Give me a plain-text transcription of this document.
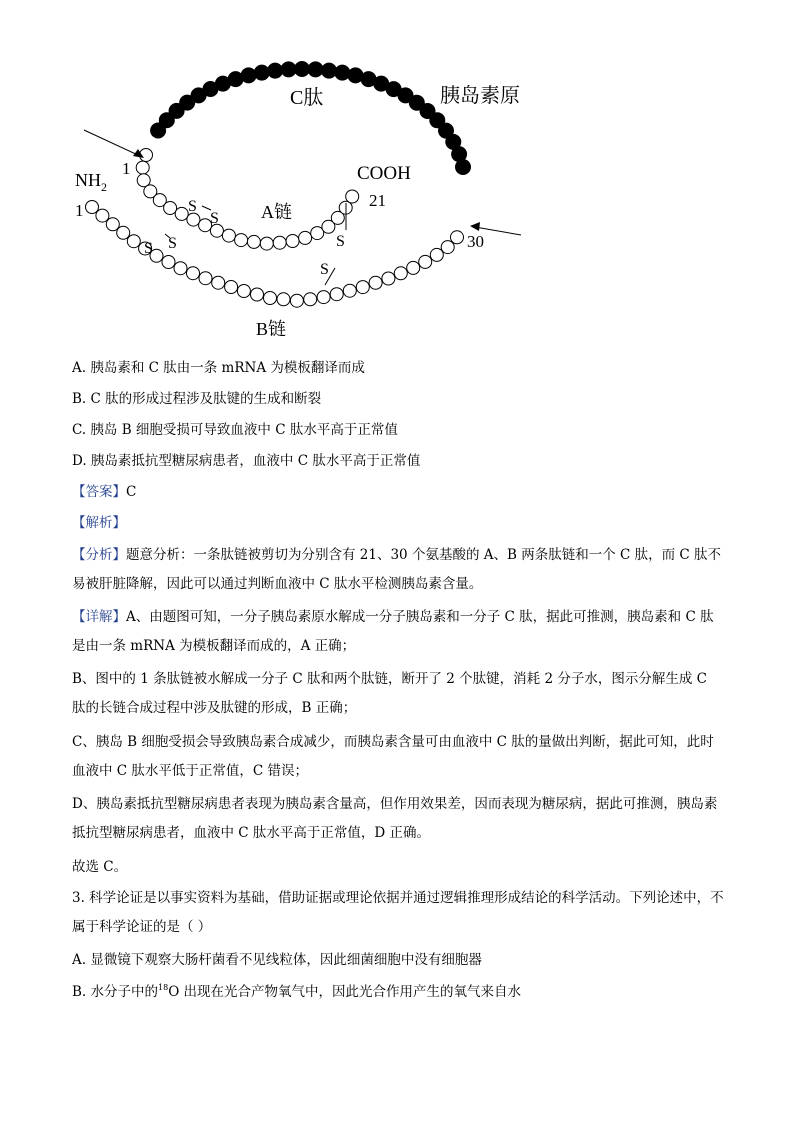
C肽	胰岛素原
1
$NH_2$
1
COOH
21
A链
B链
30
S
S
S S	S
S
A. 胰岛素和 C 肽由一条 mRNA 为模板翻译而成
B. C 肽的形成过程涉及肽键的生成和断裂
C. 胰岛 B 细胞受损可导致血液中 C 肽水平高于正常值
D. 胰岛素抵抗型糖尿病患者，血液中 C 肽水平高于正常值
【答案】C
【解析】
【分析】题意分析：一条肽链被剪切为分别含有 21、30 个氨基酸的 A、B 两条肽链和一个 C 肽，而 C 肽不易被肝脏降解，因此可以通过判断血液中 C 肽水平检测胰岛素含量。
【详解】A、由题图可知，一分子胰岛素原水解成一分子胰岛素和一分子 C 肽，据此可推测，胰岛素和 C 肽是由一条 mRNA 为模板翻译而成的，A 正确；
B、图中的 1 条肽链被水解成一分子 C 肽和两个肽链，断开了 2 个肽键，消耗 2 分子水，图示分解生成 C 肽的长链合成过程中涉及肽键的形成，B 正确；
C、胰岛 B 细胞受损会导致胰岛素合成减少，而胰岛素含量可由血液中 C 肽的量做出判断，据此可知，此时血液中 C 肽水平低于正常值，C 错误；
D、胰岛素抵抗型糖尿病患者表现为胰岛素含量高，但作用效果差，因而表现为糖尿病，据此可推测，胰岛素抵抗型糖尿病患者，血液中 C 肽水平高于正常值，D 正确。
故选 C。
3. 科学论证是以事实资料为基础，借助证据或理论依据并通过逻辑推理形成结论的科学活动。下列论述中，不属于科学论证的是（ ）
A. 显微镜下观察大肠杆菌看不见线粒体，因此细菌细胞中没有细胞器
B. 水分子中的$^{18}$O 出现在光合产物氧气中，因此光合作用产生的氧气来自水
